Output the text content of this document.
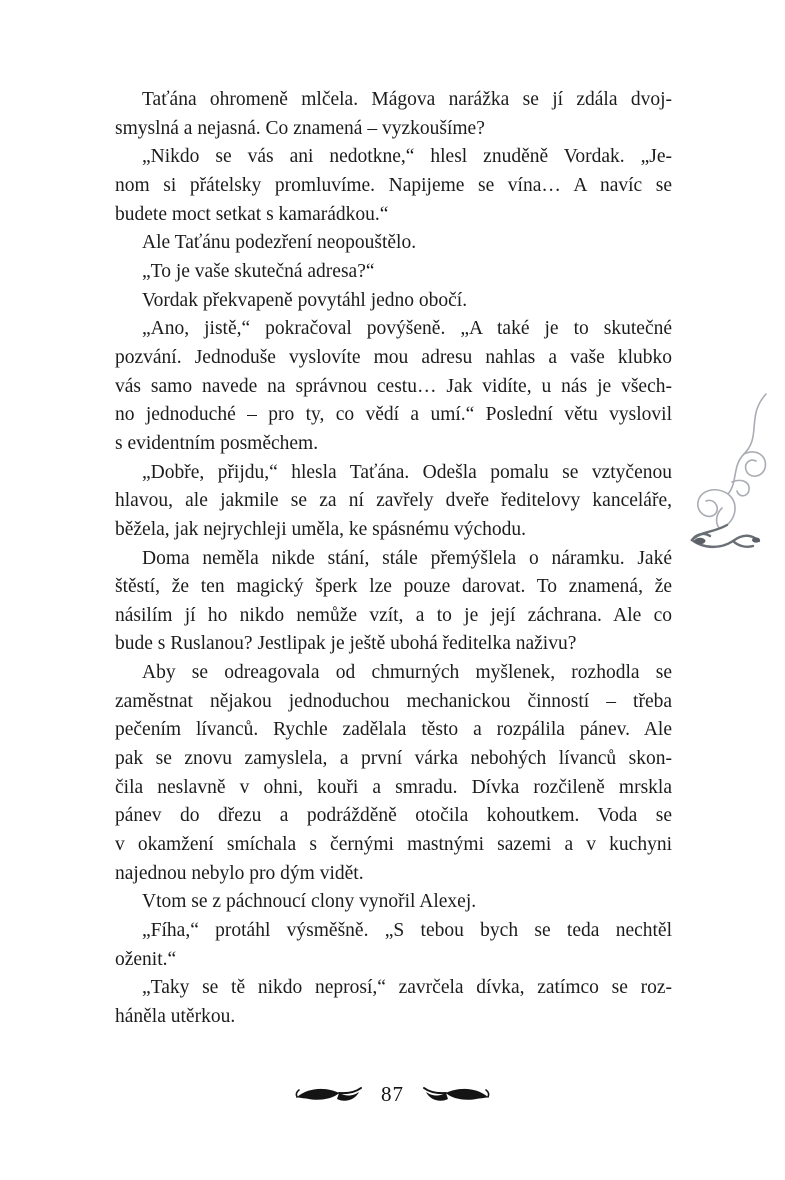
Taťána ohromeně mlčela. Mágova narážka se jí zdála dvoj-
smyslná a nejasná. Co znamená – vyzkoušíme?
„Nikdo se vás ani nedotkne,“ hlesl znuděně Vordak. „Je-
nom si přátelsky promluvíme. Napijeme se vína… A navíc se
budete moct setkat s kamarádkou.“
Ale Taťánu podezření neopouštělo.
„To je vaše skutečná adresa?“
Vordak překvapeně povytáhl jedno obočí.
„Ano, jistě,“ pokračoval povýšeně. „A také je to skutečné
pozvání. Jednoduše vyslovíte mou adresu nahlas a vaše klubko
vás samo navede na správnou cestu… Jak vidíte, u nás je všech-
no jednoduché – pro ty, co vědí a umí.“ Poslední větu vyslovil
s evidentním posměchem.
„Dobře, přijdu,“ hlesla Taťána. Odešla pomalu se vztyčenou
hlavou, ale jakmile se za ní zavřely dveře ředitelovy kanceláře,
běžela, jak nejrychleji uměla, ke spásnému východu.
Doma neměla nikde stání, stále přemýšlela o náramku. Jaké
štěstí, že ten magický šperk lze pouze darovat. To znamená, že
násilím jí ho nikdo nemůže vzít, a to je její záchrana. Ale co
bude s Ruslanou? Jestlipak je ještě ubohá ředitelka naživu?
Aby se odreagovala od chmurných myšlenek, rozhodla se
zaměstnat nějakou jednoduchou mechanickou činností – třeba
pečením lívanců. Rychle zadělala těsto a rozpálila pánev. Ale
pak se znovu zamyslela, a první várka nebohých lívanců skon-
čila neslavně v ohni, kouři a smradu. Dívka rozčileně mrskla
pánev do dřezu a podrážděně otočila kohoutkem. Voda se
v okamžení smíchala s černými mastnými sazemi a v kuchyni
najednou nebylo pro dým vidět.
Vtom se z páchnoucí clony vynořil Alexej.
„Fíha,“ protáhl výsměšně. „S tebou bych se teda nechtěl
oženit.“
„Taky se tě nikdo neprosí,“ zavrčela dívka, zatímco se roz-
háněla utěrkou.
87
